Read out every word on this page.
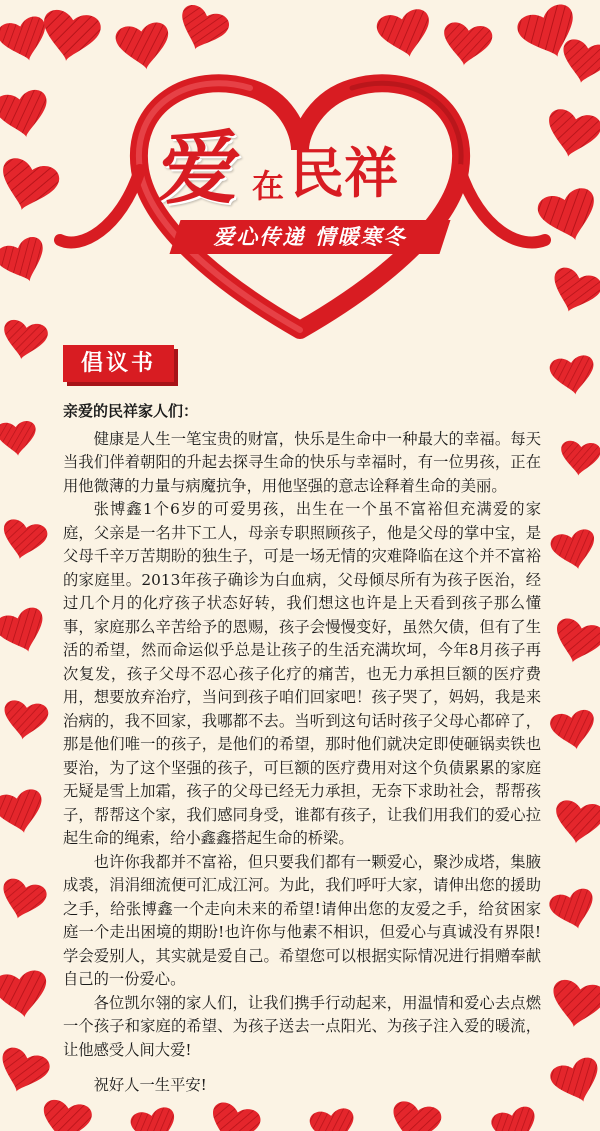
爱 在 民祥
爱心传递 情暖寒冬
倡议书
亲爱的民祥家人们：

健康是人生一笔宝贵的财富，快乐是生命中一种最大的幸福。每天当我们伴着朝阳的升起去探寻生命的快乐与幸福时，有一位男孩，正在用他微薄的力量与病魔抗争，用他坚强的意志诠释着生命的美丽。

张博鑫1个6岁的可爱男孩，出生在一个虽不富裕但充满爱的家庭，父亲是一名井下工人，母亲专职照顾孩子，他是父母的掌中宝，是父母千辛万苦期盼的独生子，可是一场无情的灾难降临在这个并不富裕的家庭里。2013年孩子确诊为白血病，父母倾尽所有为孩子医治，经过几个月的化疗孩子状态好转，我们想这也许是上天看到孩子那么懂事，家庭那么辛苦给予的恩赐，孩子会慢慢变好，虽然欠债，但有了生活的希望，然而命运似乎总是让孩子的生活充满坎坷，今年8月孩子再次复发，孩子父母不忍心孩子化疗的痛苦，也无力承担巨额的医疗费用，想要放弃治疗，当问到孩子咱们回家吧！孩子哭了，妈妈，我是来治病的，我不回家，我哪都不去。当听到这句话时孩子父母心都碎了，那是他们唯一的孩子，是他们的希望，那时他们就决定即使砸锅卖铁也要治，为了这个坚强的孩子，可巨额的医疗费用对这个负债累累的家庭无疑是雪上加霜，孩子的父母已经无力承担，无奈下求助社会，帮帮孩子，帮帮这个家，我们感同身受，谁都有孩子，让我们用我们的爱心拉起生命的绳索，给小鑫鑫搭起生命的桥梁。

也许你我都并不富裕，但只要我们都有一颗爱心，聚沙成塔，集腋成裘，涓涓细流便可汇成江河。为此，我们呼吁大家，请伸出您的援助之手，给张博鑫一个走向未来的希望!请伸出您的友爱之手，给贫困家庭一个走出困境的期盼!也许你与他素不相识，但爱心与真诚没有界限!学会爱别人，其实就是爱自己。希望您可以根据实际情况进行捐赠奉献自己的一份爱心。

各位凯尔翎的家人们，让我们携手行动起来，用温情和爱心去点燃一个孩子和家庭的希望、为孩子送去一点阳光、为孩子注入爱的暖流，让他感受人间大爱!

祝好人一生平安!
